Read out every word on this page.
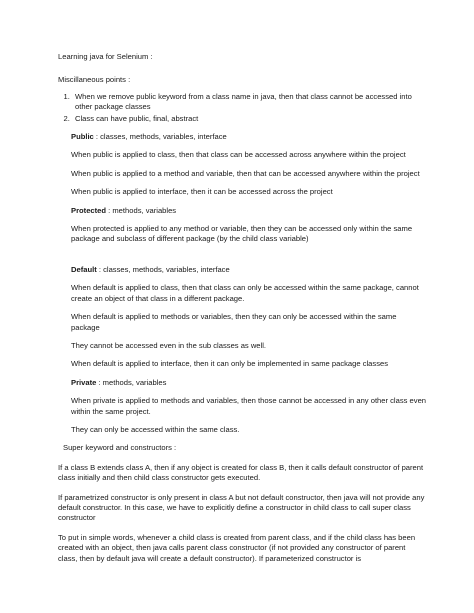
Learning java for Selenium :

Miscillaneous points :

1. When we remove public keyword from a class name in java, then that class cannot be accessed into other package classes
2. Class can have public, final, abstract

Public : classes, methods, variables, interface

When public is applied to class, then that class can be accessed across anywhere within the project

When public is applied to a method and variable, then that can be accessed anywhere within the project

When public is applied to interface, then it can be accessed across the project

Protected : methods, variables

When protected is applied to any method or variable, then they can be accessed only within the same package and subclass of different package (by the child class variable)

Default : classes, methods, variables, interface

When default is applied to class, then that class can only be accessed within the same package, cannot create an object of that class in a different package.

When default is applied to methods or variables, then they can only be accessed within the same package

They cannot be accessed even in the sub classes as well.

When default is applied to interface, then it can only be implemented in same package classes

Private : methods, variables

When private is applied to methods and variables, then those cannot be accessed in any other class even within the same project.

They can only be accessed within the same class.

Super keyword and constructors :

If a class B extends class A, then if any object is created for class B, then it calls default constructor of parent class initially and then child class constructor gets executed.

If parametrized constructor is only present in class A but not default constructor, then java will not provide any default constructor. In this case, we have to explicitly define a constructor in child class to call super class constructor

To put in simple words, whenever a child class is created from parent class, and if the child class has been created with an object, then java calls parent class constructor (if not provided any constructor of parent class, then by default java will create a default constructor). If parameterized constructor is
